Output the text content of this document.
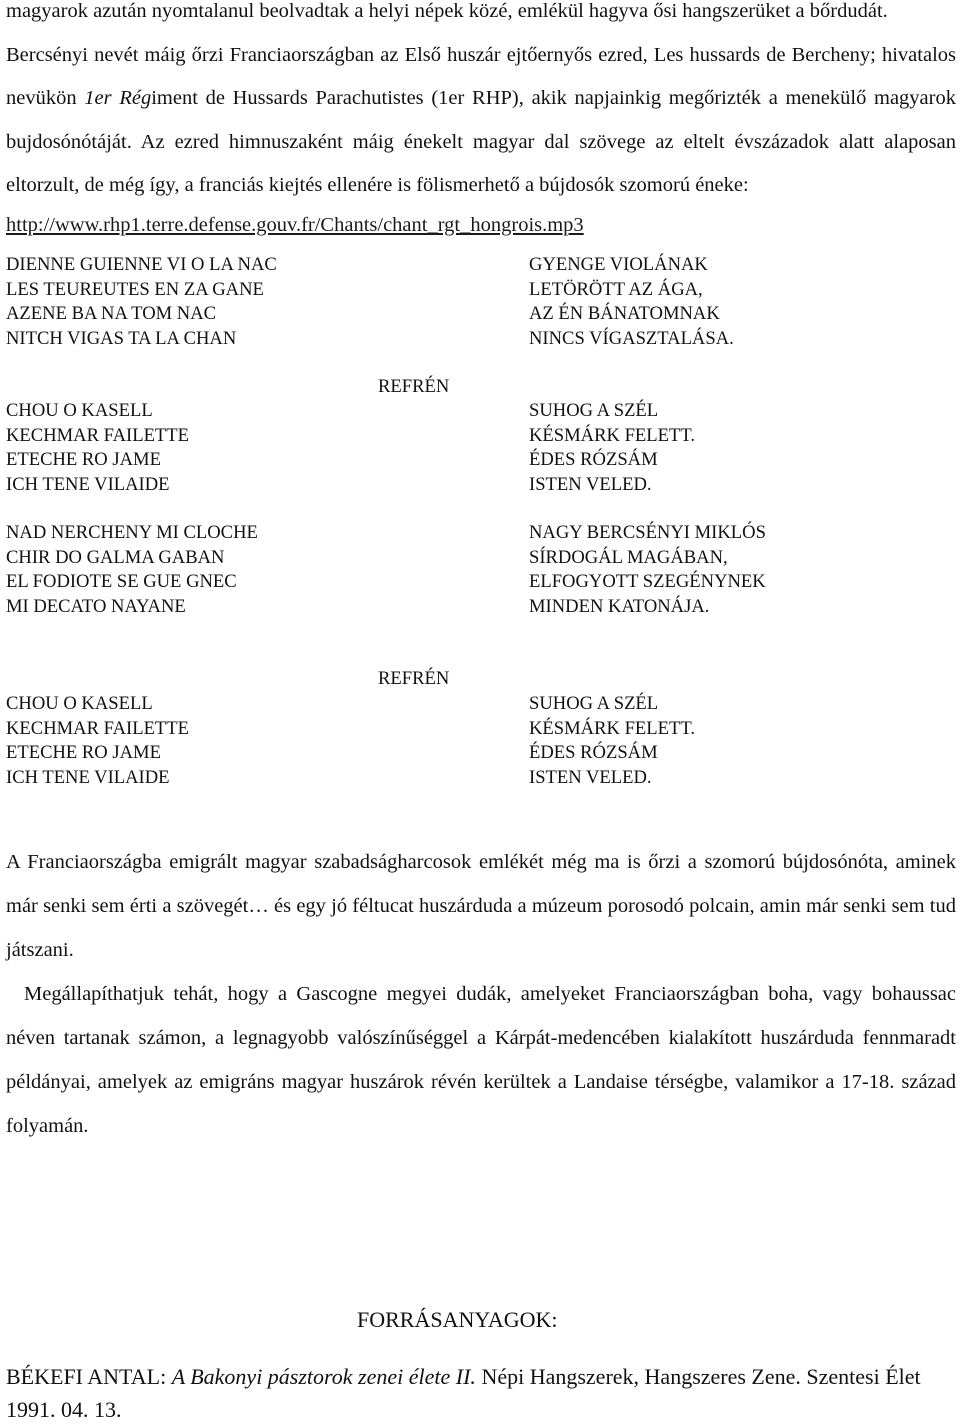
magyarok azután nyomtalanul beolvadtak a helyi népek közé, emlékül hagyva ősi hangszerüket a bőrdudát.

Bercsényi nevét máig őrzi Franciaországban az Első huszár ejtőernyős ezred, Les hussards de Bercheny; hivatalos nevükön 1er Régiment de Hussards Parachutistes (1er RHP), akik napjainkig megőrizték a menekülő magyarok bujdosónótáját. Az ezred himnuszaként máig énekelt magyar dal szövege az eltelt évszázadok alatt alaposan eltorzult, de még így, a franciás kiejtés ellenére is fölismerhető a bújdosók szomorú éneke:

http://www.rhp1.terre.defense.gouv.fr/Chants/chant_rgt_hongrois.mp3

DIENNE GUIENNE VI O LA NAC
LES TEUREUTES EN ZA GANE
AZENE BA NA TOM NAC
NITCH VIGAS TA LA CHAN
CHOU O KASELL
KECHMAR FAILETTE
ETECHE RO JAME
ICH TENE VILAIDE
NAD NERCHENY MI CLOCHE
CHIR DO GALMA GABAN
EL FODIOTE SE GUE GNEC
MI DECATO NAYANE
CHOU O KASELL
KECHMAR FAILETTE
ETECHE RO JAME
ICH TENE VILAIDE
REFRÉN
REFRÉN
GYENGE VIOLÁNAK
LETÖRÖTT AZ ÁGA,
AZ ÉN BÁNATOMNAK
NINCS VÍGASZTALÁSA.
SUHOG A SZÉL
KÉSMÁRK FELETT.
ÉDES RÓZSÁM
ISTEN VELED.
NAGY BERCSÉNYI MIKLÓS
SÍRDOGÁL MAGÁBAN,
ELFOGYOTT SZEGÉNYNEK
MINDEN KATONÁJA.
SUHOG A SZÉL
KÉSMÁRK FELETT.
ÉDES RÓZSÁM
ISTEN VELED.

A Franciaországba emigrált magyar szabadságharcosok emlékét még ma is őrzi a szomorú bújdosónóta, aminek már senki sem érti a szövegét… és egy jó féltucat huszárduda a múzeum porosodó polcain, amin már senki sem tud játszani.

Megállapíthatjuk tehát, hogy a Gascogne megyei dudák, amelyeket Franciaországban boha, vagy bohaussac néven tartanak számon, a legnagyobb valószínűséggel a Kárpát-medencében kialakított huszárduda fennmaradt példányai, amelyek az emigráns magyar huszárok révén kerültek a Landaise térségbe, valamikor a 17-18. század folyamán.

FORRÁSANYAGOK:
BÉKEFI ANTAL: A Bakonyi pásztorok zenei élete II. Népi Hangszerek, Hangszeres Zene. Szentesi Élet 1991. 04. 13.
